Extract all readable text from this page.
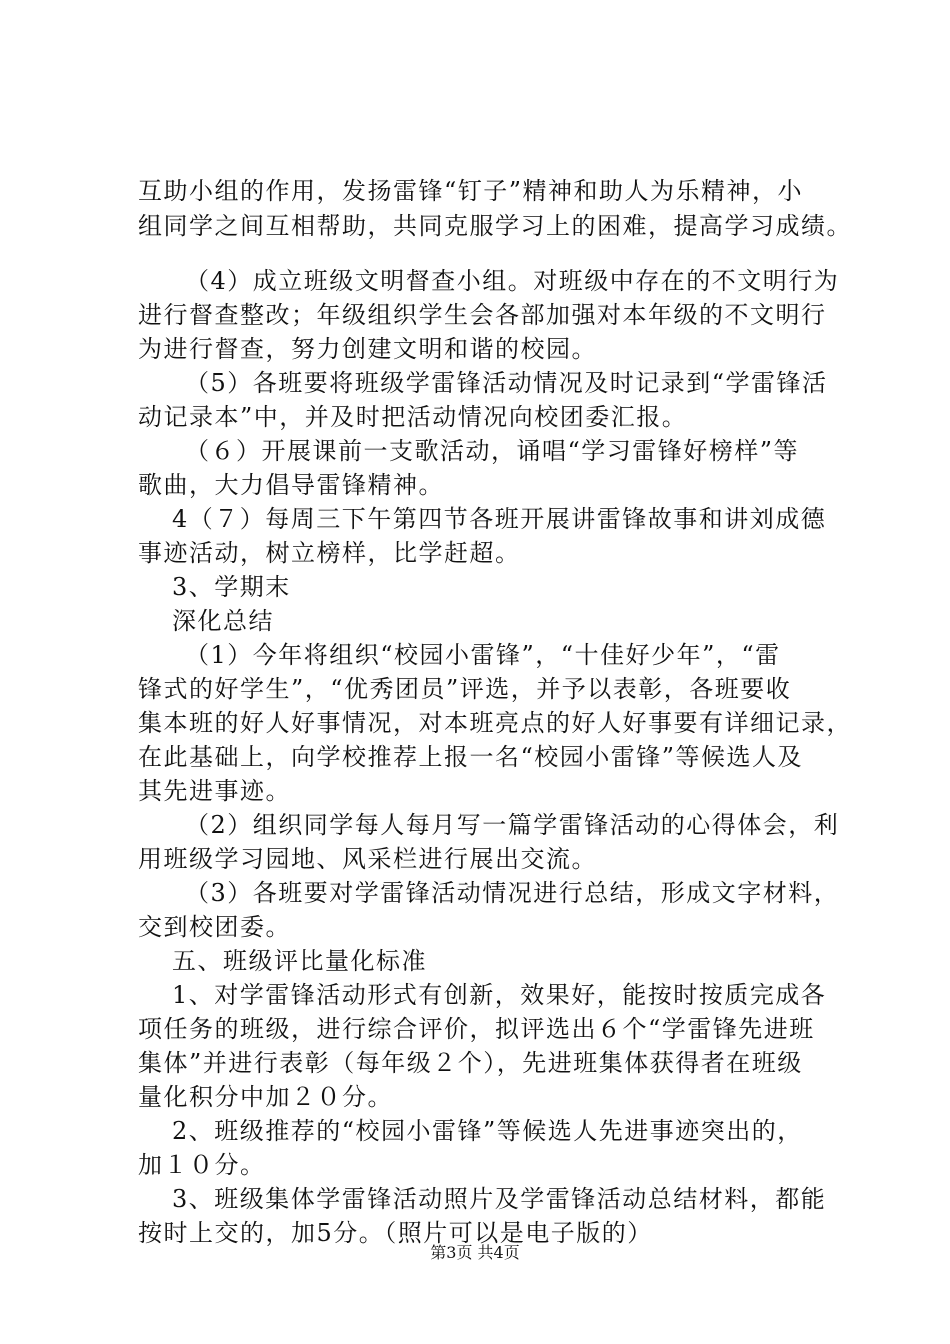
互助小组的作用，发扬雷锋“钉子”精神和助人为乐精神，小
组同学之间互相帮助，共同克服学习上的困难，提高学习成绩。
（4）成立班级文明督查小组。对班级中存在的不文明行为
进行督查整改；年级组织学生会各部加强对本年级的不文明行
为进行督查，努力创建文明和谐的校园。
（5）各班要将班级学雷锋活动情况及时记录到“学雷锋活
动记录本”中，并及时把活动情况向校团委汇报。
（６）开展课前一支歌活动，诵唱“学习雷锋好榜样”等
歌曲，大力倡导雷锋精神。
4（７）每周三下午第四节各班开展讲雷锋故事和讲刘成德
事迹活动，树立榜样，比学赶超。
3、学期末
深化总结
（1）今年将组织“校园小雷锋”，“十佳好少年”，“雷
锋式的好学生”，“优秀团员”评选，并予以表彰，各班要收
集本班的好人好事情况，对本班亮点的好人好事要有详细记录，
在此基础上，向学校推荐上报一名“校园小雷锋”等候选人及
其先进事迹。
（2）组织同学每人每月写一篇学雷锋活动的心得体会，利
用班级学习园地、风采栏进行展出交流。
（3）各班要对学雷锋活动情况进行总结，形成文字材料，
交到校团委。
五、班级评比量化标准
1、对学雷锋活动形式有创新，效果好，能按时按质完成各
项任务的班级，进行综合评价，拟评选出６个“学雷锋先进班
集体”并进行表彰（每年级２个），先进班集体获得者在班级
量化积分中加２０分。
2、班级推荐的“校园小雷锋”等候选人先进事迹突出的，
加１０分。
3、班级集体学雷锋活动照片及学雷锋活动总结材料，都能
按时上交的，加5分。（照片可以是电子版的）
第3页 共4页
